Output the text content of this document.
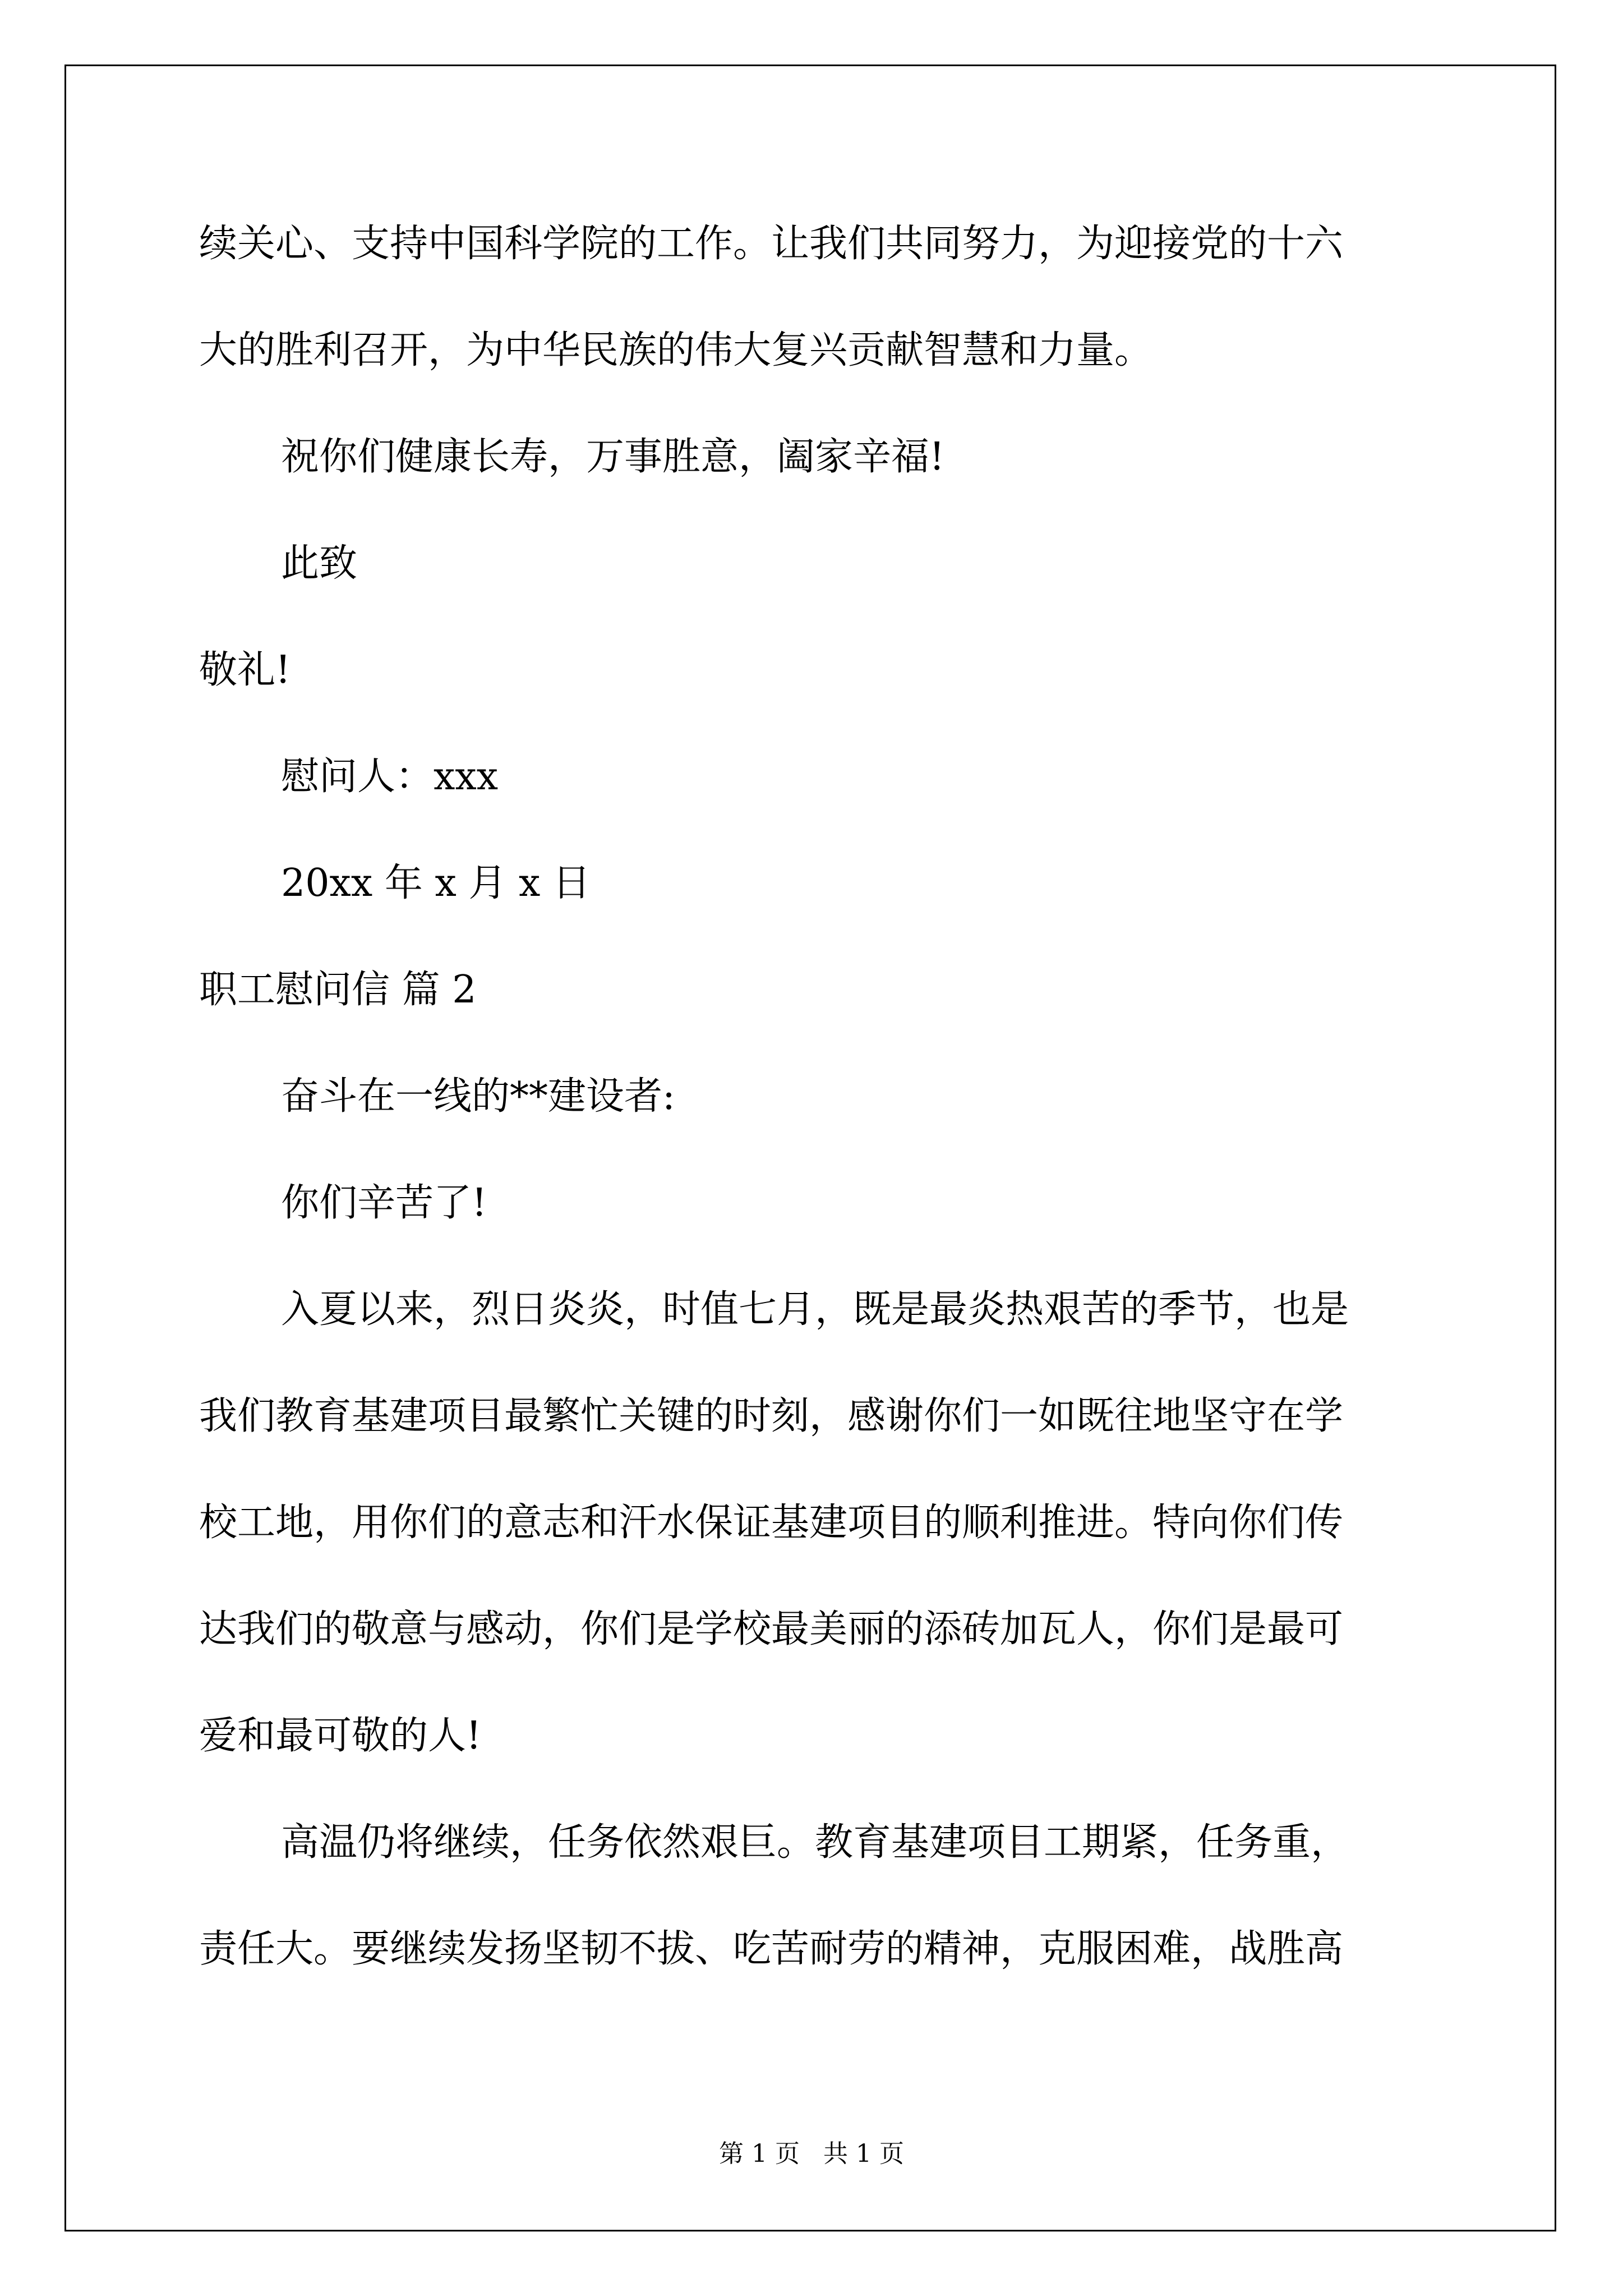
续关心、支持中国科学院的工作。让我们共同努力，为迎接党的十六
大的胜利召开，为中华民族的伟大复兴贡献智慧和力量。
祝你们健康长寿，万事胜意，阖家辛福!
此致
敬礼!
慰问人：xxx
20xx 年 x 月 x 日
职工慰问信 篇 2
奋斗在一线的**建设者:
你们辛苦了!
入夏以来，烈日炎炎，时值七月，既是最炎热艰苦的季节，也是
我们教育基建项目最繁忙关键的时刻，感谢你们一如既往地坚守在学
校工地，用你们的意志和汗水保证基建项目的顺利推进。特向你们传
达我们的敬意与感动，你们是学校最美丽的添砖加瓦人，你们是最可
爱和最可敬的人!
高温仍将继续，任务依然艰巨。教育基建项目工期紧，任务重，
责任大。要继续发扬坚韧不拔、吃苦耐劳的精神，克服困难，战胜高
第 1 页   共 1 页
